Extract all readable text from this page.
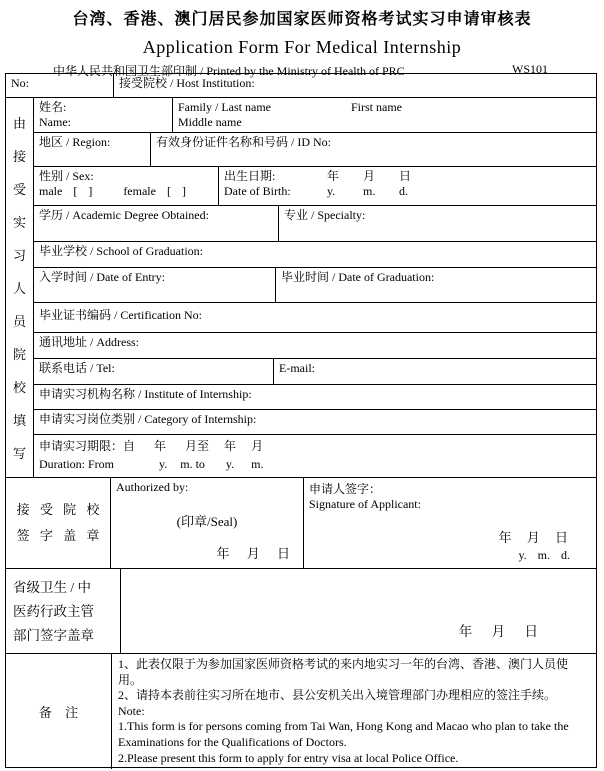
台湾、香港、澳门居民参加国家医师资格考试实习申请审核表
Application Form For Medical Internship
中华人民共和国卫生部印制 / Printed by the Ministry of Health of PRC	WS101
No:	接受院校 / Host Institution:
由
接
受
实
习
人
员
院
校
填
写
姓名:
Name:
Family / Last name	First name
Middle name
地区 / Region:	有效身份证件名称和号码 / ID No:
性别 / Sex:
male [ ]	female [ ]
出生日期:	年 月 日
Date of Birth:	y. m. d.
学历 / Academic Degree Obtained:	专业 / Specialty:
毕业学校 / School of Graduation:
入学时间 / Date of Entry:	毕业时间 / Date of Graduation:
毕业证书编码 / Certification No:
通讯地址 / Address:
联系电话 / Tel:	E-mail:
申请实习机构名称 / Institute of Internship:
申请实习岗位类别 / Category of Internship:
申请实习期限：自 年 月至 年 月
Duration: From	y. m. to y. m.
接 受 院 校
签 字 盖 章
Authorized by:
(印章/Seal)
年 月 日
申请人签字：
Signature of Applicant:
年 月 日
y. m. d.
省级卫生 / 中
医药行政主管
部门签字盖章	年 月 日
备 注
1、此表仅限于为参加国家医师资格考试的来内地实习一年的台湾、香港、澳门人员使用。
2、请持本表前往实习所在地市、县公安机关出入境管理部门办理相应的签注手续。
Note:
1.This form is for persons coming from Tai Wan, Hong Kong and Macao who plan to take the Examinations for the Qualifications of Doctors.
2.Please present this form to apply for entry visa at local Police Office.
